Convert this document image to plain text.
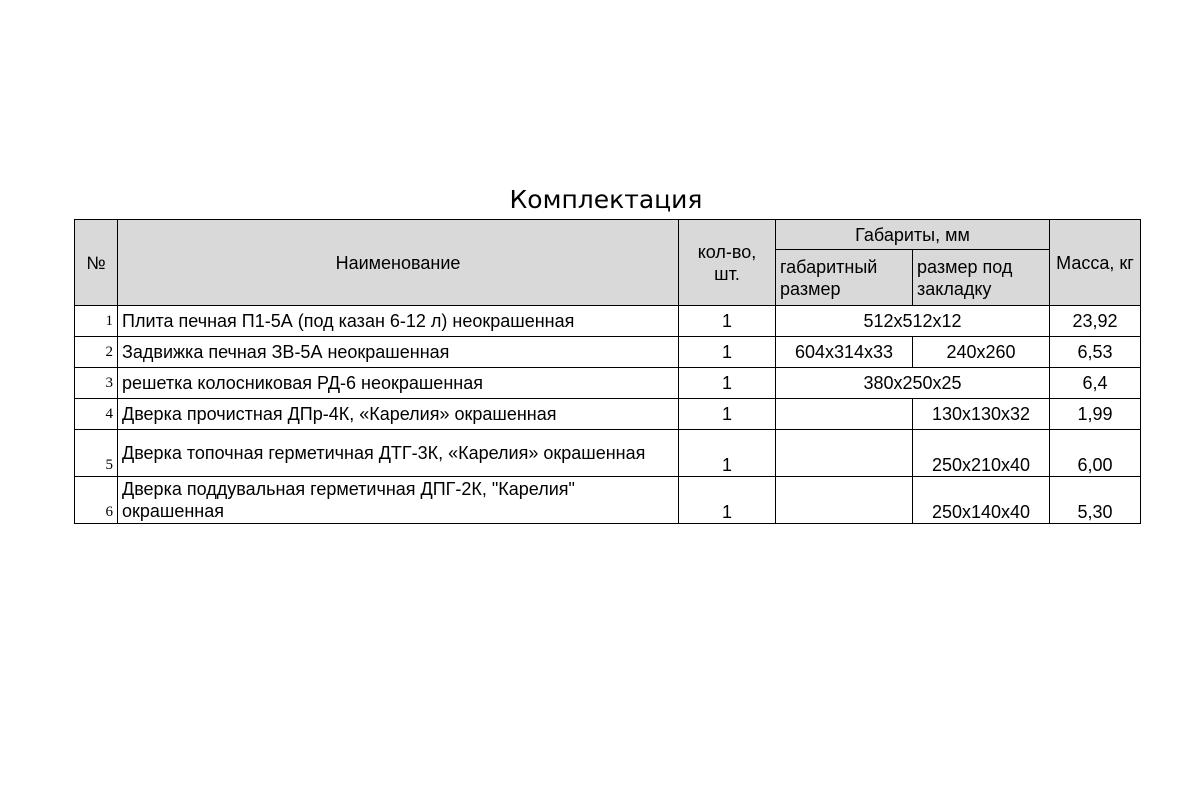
Комплектация
№	Наименование	кол-во, шт.	Габариты, мм		Масса, кг
			габаритный размер	размер под закладку	
1	Плита печная П1-5А (под казан 6-12 л) неокрашенная	1	512х512х12		23,92
2	Задвижка печная ЗВ-5А неокрашенная	1	604х314х33	240х260	6,53
3	решетка колосниковая РД-6 неокрашенная	1	380х250х25		6,4
4	Дверка прочистная ДПр-4К, «Карелия» окрашенная	1		130х130х32	1,99
5	Дверка топочная герметичная ДТГ-3К, «Карелия» окрашенная	1		250х210х40	6,00
6	Дверка поддувальная герметичная ДПГ-2К, "Карелия" окрашенная	1		250х140х40	5,30
